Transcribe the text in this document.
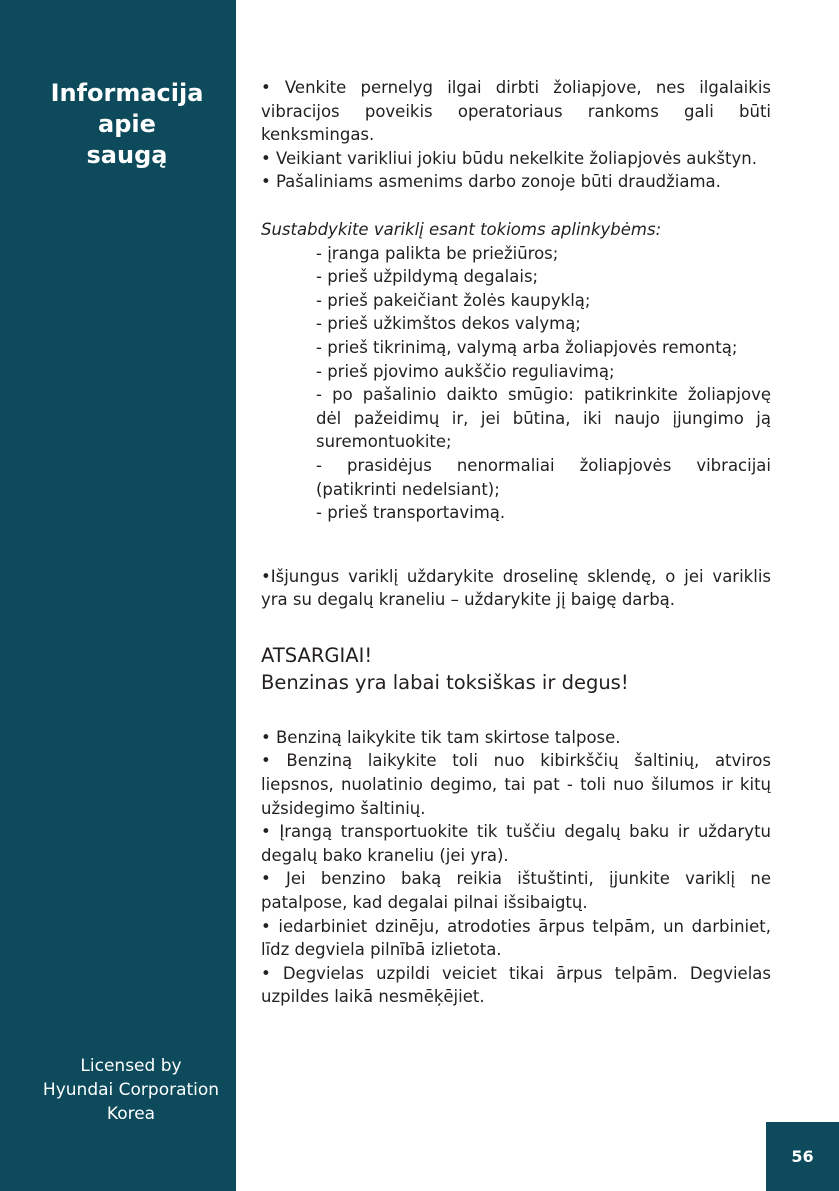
Informacija
apie
saugą
Licensed by
Hyundai Corporation
Korea

• Venkite pernelyg ilgai dirbti žoliapjove, nes ilgalaikis vibracijos poveikis operatoriaus rankoms gali būti kenksmingas.

• Veikiant varikliui jokiu būdu nekelkite žoliapjovės aukštyn.

• Pašaliniams asmenims darbo zonoje būti draudžiama.

Sustabdykite variklį esant tokioms aplinkybėms:

- įranga palikta be priežiūros;

- prieš užpildymą degalais;

- prieš pakeičiant žolės kaupyklą;

- prieš užkimštos dekos valymą;

- prieš tikrinimą, valymą arba žoliapjovės remontą;

- prieš pjovimo aukščio reguliavimą;

- po pašalinio daikto smūgio: patikrinkite žoliapjovę dėl pažeidimų ir, jei būtina, iki naujo įjungimo ją suremontuokite;

- prasidėjus nenormaliai žoliapjovės vibracijai (patikrinti nedelsiant);

- prieš transportavimą.

•Išjungus variklį uždarykite droselinę sklendę, o jei variklis yra su degalų kraneliu – uždarykite jį baigę darbą.

ATSARGIAI!

Benzinas yra labai toksiškas ir degus!

• Benziną laikykite tik tam skirtose talpose.

• Benziną laikykite toli nuo kibirkščių šaltinių, atviros liepsnos, nuolatinio degimo, tai pat - toli nuo šilumos ir kitų užsidegimo šaltinių.

• Įrangą transportuokite tik tuščiu degalų baku ir uždarytu degalų bako kraneliu (jei yra).

• Jei benzino baką reikia ištuštinti, įjunkite variklį ne patalpose, kad degalai pilnai išsibaigtų.

• iedarbiniet dzinēju, atrodoties ārpus telpām, un darbiniet, līdz degviela pilnībā izlietota.

• Degvielas uzpildi veiciet tikai ārpus telpām. Degvielas uzpildes laikā nesmēķējiet.

56
